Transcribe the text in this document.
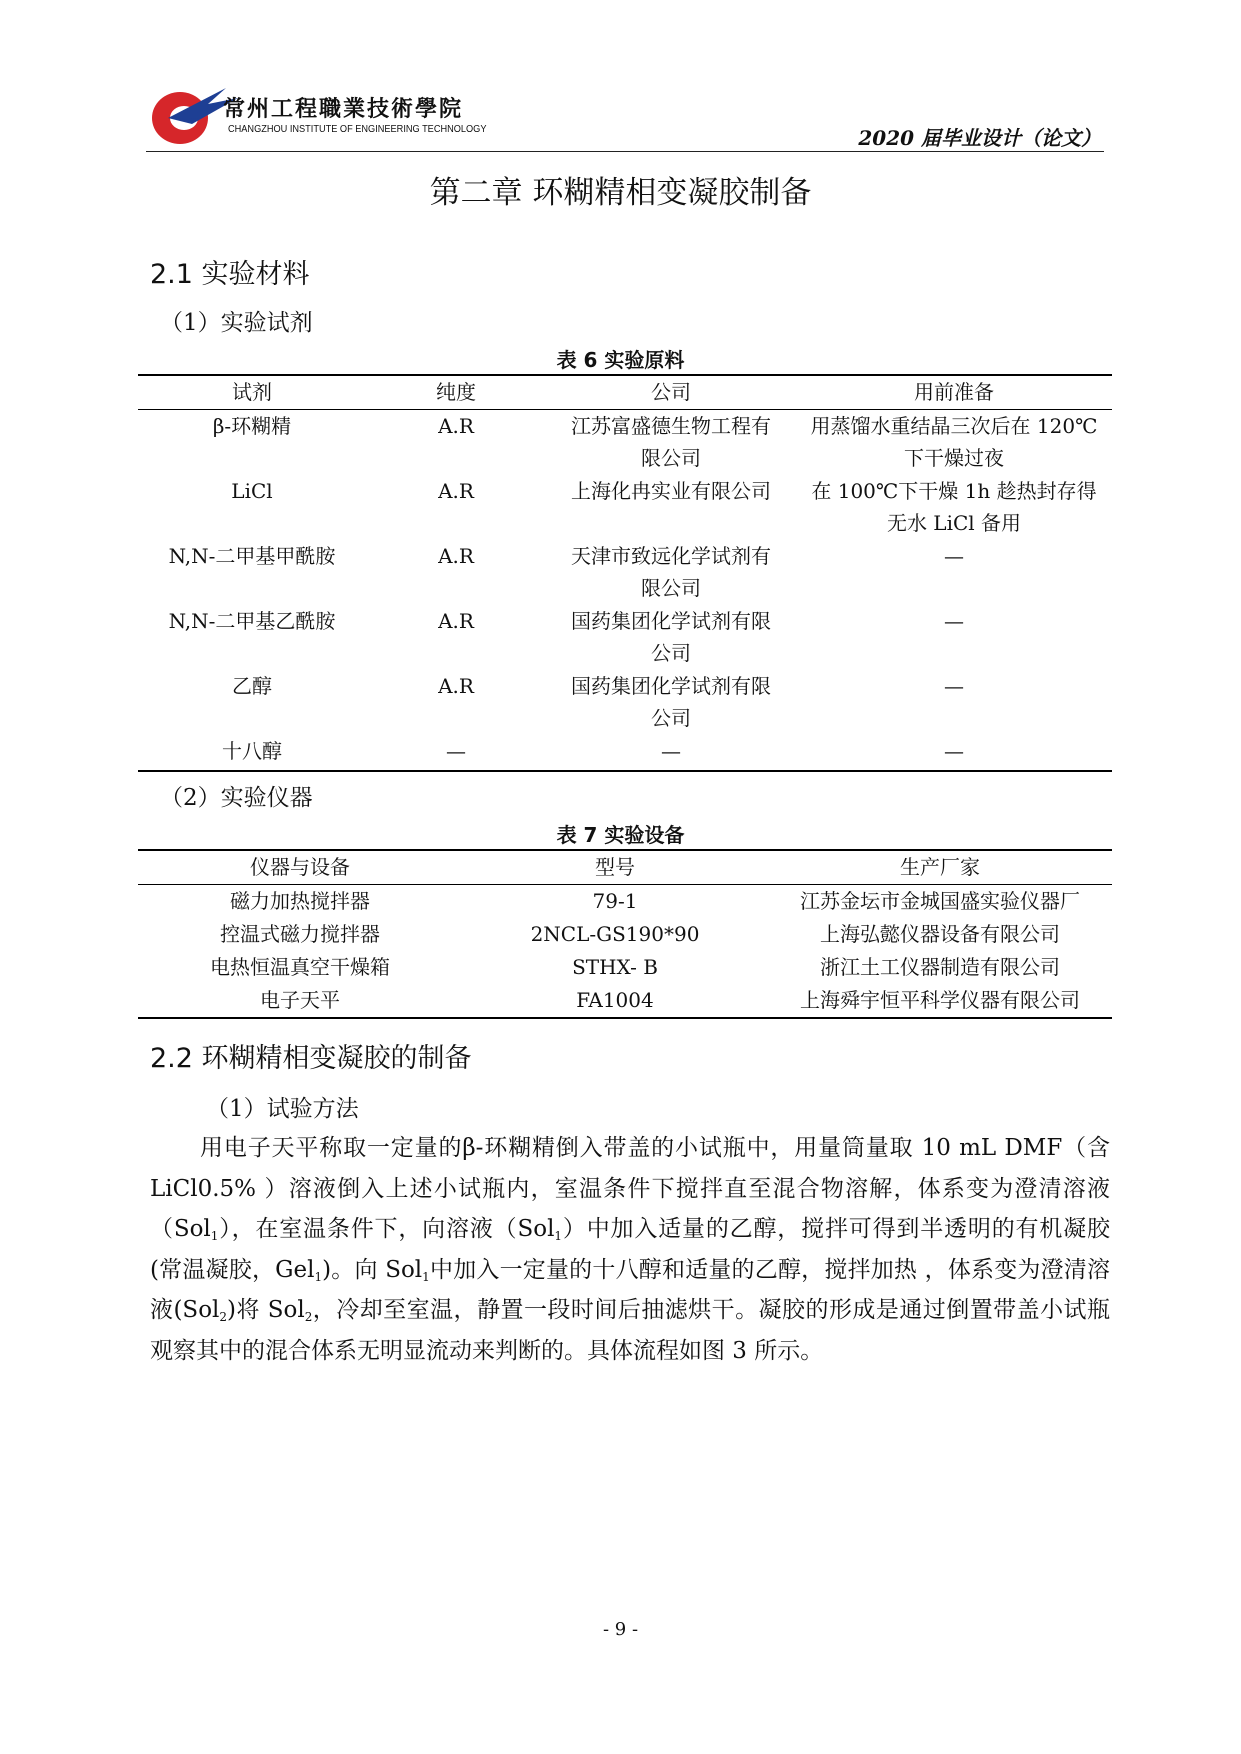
常州工程職業技術學院
CHANGZHOU INSTITUTE OF ENGINEERING TECHNOLOGY	2020 届毕业设计（论文）
第二章 环糊精相变凝胶制备
2.1 实验材料
（1）实验试剂
表 6 实验原料
试剂	纯度	公司	用前准备
β-环糊精	A.R	江苏富盛德生物工程有限公司	用蒸馏水重结晶三次后在 120℃下干燥过夜
LiCl	A.R	上海化冉实业有限公司	在 100℃下干燥 1h 趁热封存得无水 LiCl 备用
N,N-二甲基甲酰胺	A.R	天津市致远化学试剂有限公司	—
N,N-二甲基乙酰胺	A.R	国药集团化学试剂有限公司	—
乙醇	A.R	国药集团化学试剂有限公司	—
十八醇	—	—	—
（2）实验仪器
表 7 实验设备
仪器与设备	型号	生产厂家
磁力加热搅拌器	79-1	江苏金坛市金城国盛实验仪器厂
控温式磁力搅拌器	2NCL-GS190*90	上海弘懿仪器设备有限公司
电热恒温真空干燥箱	STHX- B	浙江土工仪器制造有限公司
电子天平	FA1004	上海舜宇恒平科学仪器有限公司
2.2 环糊精相变凝胶的制备
（1）试验方法

用电子天平称取一定量的β-环糊精倒入带盖的小试瓶中，用量筒量取 10 mL DMF（含 LiCl0.5% ）溶液倒入上述小试瓶内，室温条件下搅拌直至混合物溶解，体系变为澄清溶液（Sol$_1$），在室温条件下，向溶液（Sol$_1$）中加入适量的乙醇，搅拌可得到半透明的有机凝胶(常温凝胶，Gel$_1$)。向 Sol$_1$中加入一定量的十八醇和适量的乙醇，搅拌加热 ，体系变为澄清溶液(Sol$_2$)将 Sol$_2$，冷却至室温，静置一段时间后抽滤烘干。凝胶的形成是通过倒置带盖小试瓶观察其中的混合体系无明显流动来判断的。具体流程如图 3 所示。

- 9 -
